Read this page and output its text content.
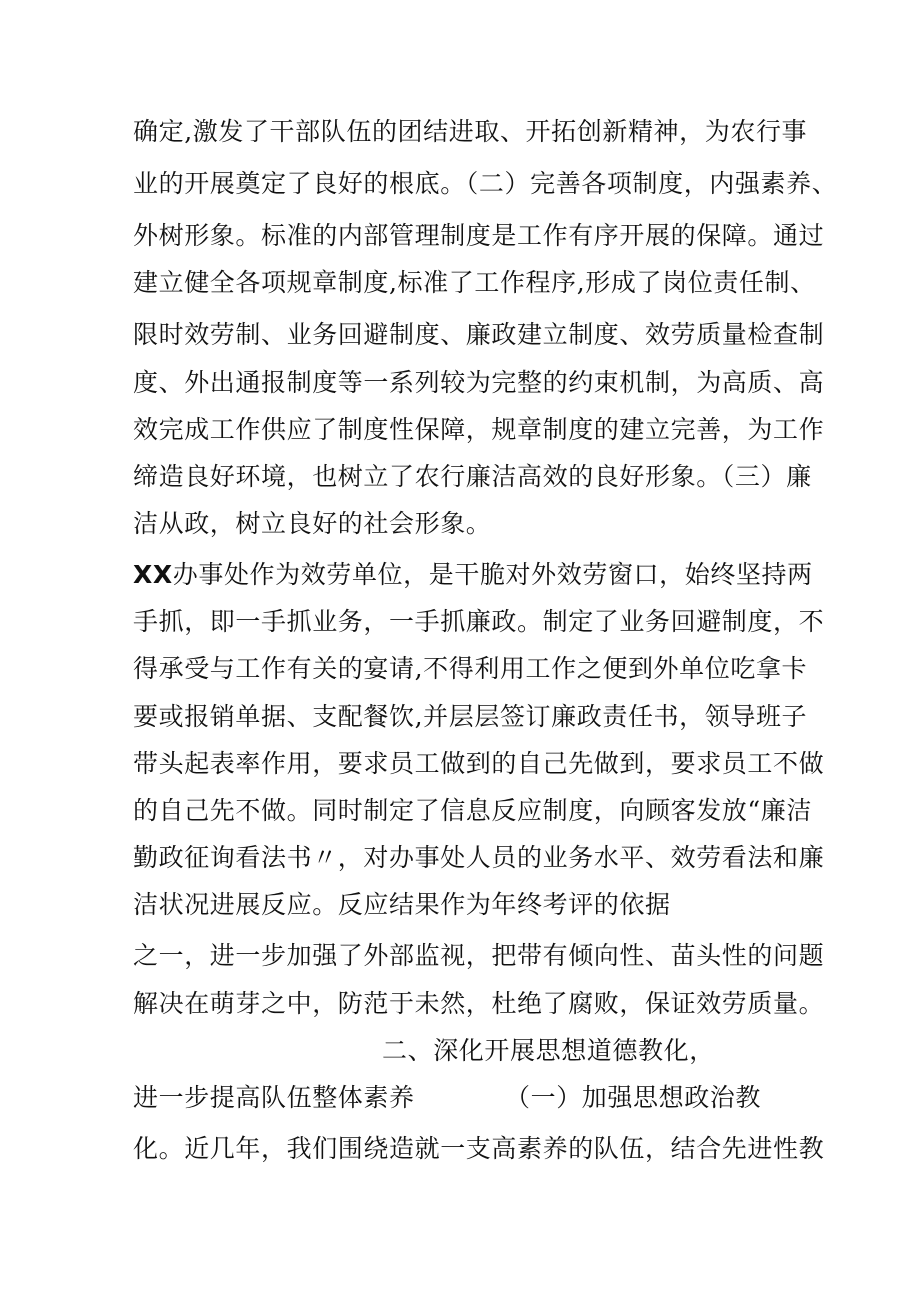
确定,激发了干部队伍的团结进取、开拓创新精神，为农行事
业的开展奠定了良好的根底。（二）完善各项制度，内强素养、
外树形象。标准的内部管理制度是工作有序开展的保障。通过
建立健全各项规章制度,标准了工作程序,形成了岗位责任制、
限时效劳制、业务回避制度、廉政建立制度、效劳质量检查制
度、外出通报制度等一系列较为完整的约束机制，为高质、高
效完成工作供应了制度性保障，规章制度的建立完善，为工作
缔造良好环境，也树立了农行廉洁高效的良好形象。（三）廉
洁从政，树立良好的社会形象。
XX办事处作为效劳单位，是干脆对外效劳窗口，始终坚持两
手抓，即一手抓业务，一手抓廉政。制定了业务回避制度，不
得承受与工作有关的宴请,不得利用工作之便到外单位吃拿卡
要或报销单据、支配餐饮,并层层签订廉政责任书，领导班子
带头起表率作用，要求员工做到的自己先做到，要求员工不做
的自己先不做。同时制定了信息反应制度，向顾客发放“廉洁
勤政征询看法书〃，对办事处人员的业务水平、效劳看法和廉
洁状况进展反应。反应结果作为年终考评的依据
之一，进一步加强了外部监视，把带有倾向性、苗头性的问题
解决在萌芽之中，防范于未然，杜绝了腐败，保证效劳质量。
二、深化开展思想道德教化，
进一步提高队伍整体素养	（一）加强思想政治教
化。近几年，我们围绕造就一支高素养的队伍，结合先进性教
